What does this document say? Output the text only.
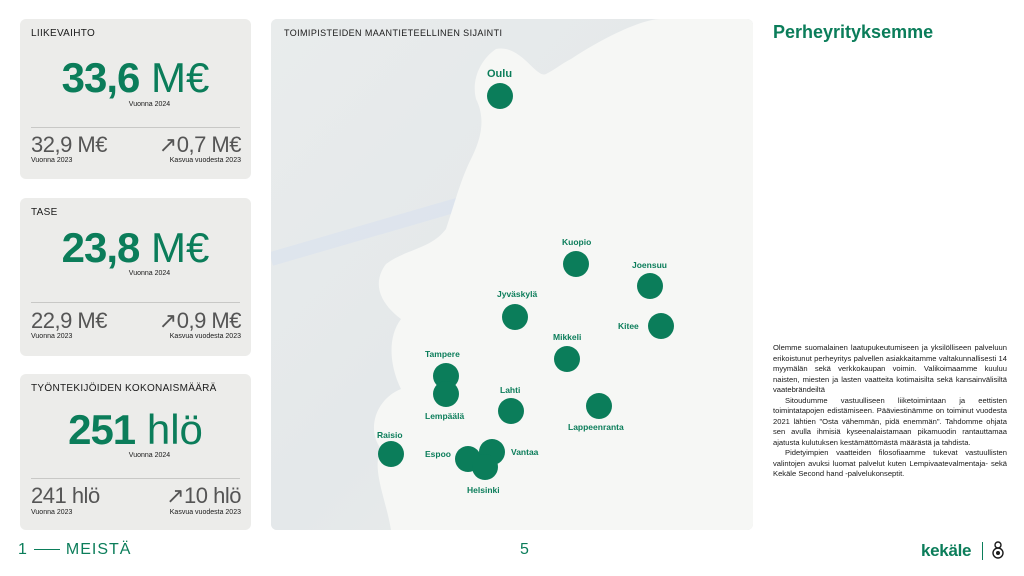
LIIKEVAIHTO
33,6 M€
Vuonna 2024
32,9 M€
Vuonna 2023
↗0,7 M€
Kasvua vuodesta 2023
TASE
23,8 M€
Vuonna 2024
22,9 M€
Vuonna 2023
↗0,9 M€
Kasvua vuodesta 2023
TYÖNTEKIJÖIDEN KOKONAISMÄÄRÄ
251 hlö
Vuonna 2024
241 hlö
Vuonna 2023
↗10 hlö
Kasvua vuodesta 2023
TOIMIPISTEIDEN MAANTIETEELLINEN SIJAINTI
Oulu
Kuopio
Joensuu
Jyväskylä
Kitee
Mikkeli
Tampere
Lempäälä
Lahti
Lappeenranta
Raisio
Espoo	Vantaa
Helsinki
Perheyrityksemme

Olemme suomalainen laatupukeutumiseen ja yksilölliseen palveluun erikoistunut perheyritys palvellen asiakkaitamme valtakunnallisesti 14 myymälän sekä verkkokaupan voimin. Valikoimaamme kuuluu naisten, miesten ja lasten vaatteita kotimaisilta sekä kansainvälisiltä vaatebrändeiltä

Sitoudumme vastuulliseen liiketoimintaan ja eettisten toimintatapojen edistämiseen. Pääviestinämme on toiminut vuodesta 2021 lähtien "Osta vähemmän, pidä enemmän". Tahdomme ohjata sen avulla ihmisiä kyseenalaistamaan pikamuodin rantauttamaa ajatusta kulutuksen kestämättömästä määrästä ja tahdista.

Pidetyimpien vaatteiden filosofiaamme tukevat vastuullisten valintojen avuksi luomat palvelut kuten Lempivaatevalmentaja- sekä Kekäle Second hand -palvelukonseptit.

1 MEISTÄ	5	kekäle
